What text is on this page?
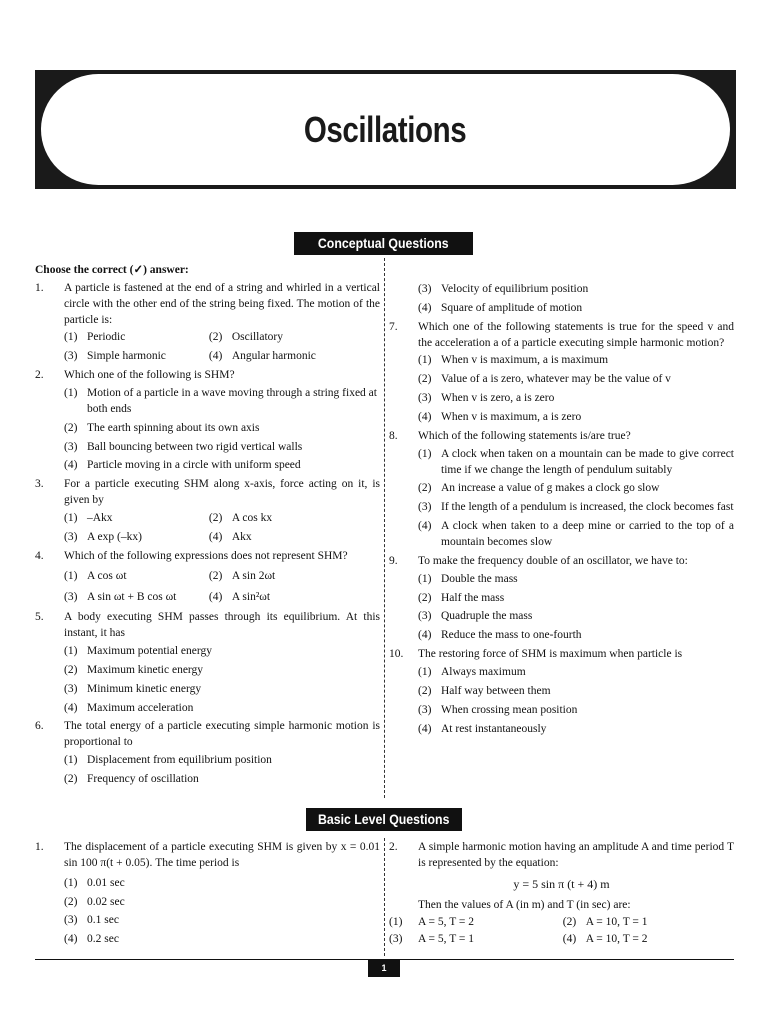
Oscillations
Conceptual Questions
Choose the correct (✓) answer:
1. A particle is fastened at the end of a string and whirled in a vertical circle with the other end of the string being fixed. The motion of the particle is:
(1) Periodic	(2) Oscillatory
(3) Simple harmonic	(4) Angular harmonic
2. Which one of the following is SHM?
(1) Motion of a particle in a wave moving through a string fixed at both ends
(2) The earth spinning about its own axis
(3) Ball bouncing between two rigid vertical walls
(4) Particle moving in a circle with uniform speed
3. For a particle executing SHM along x-axis, force acting on it, is given by
(1) –Akx	(2) A cos kx
(3) A exp (–kx)	(4) Akx
4. Which of the following expressions does not represent SHM?
(1) A cos ωt	(2) A sin 2ωt
(3) A sin ωt + B cos ωt	(4) A sin²ωt
5. A body executing SHM passes through its equilibrium. At this instant, it has
(1) Maximum potential energy
(2) Maximum kinetic energy
(3) Minimum kinetic energy
(4) Maximum acceleration
6. The total energy of a particle executing simple harmonic motion is proportional to
(1) Displacement from equilibrium position
(2) Frequency of oscillation
(3) Velocity of equilibrium position
(4) Square of amplitude of motion
7. Which one of the following statements is true for the speed v and the acceleration a of a particle executing simple harmonic motion?
(1) When v is maximum, a is maximum
(2) Value of a is zero, whatever may be the value of v
(3) When v is zero, a is zero
(4) When v is maximum, a is zero
8. Which of the following statements is/are true?
(1) A clock when taken on a mountain can be made to give correct time if we change the length of pendulum suitably
(2) An increase a value of g makes a clock go slow
(3) If the length of a pendulum is increased, the clock becomes fast
(4) A clock when taken to a deep mine or carried to the top of a mountain becomes slow
9. To make the frequency double of an oscillator, we have to:
(1) Double the mass
(2) Half the mass
(3) Quadruple the mass
(4) Reduce the mass to one-fourth
10. The restoring force of SHM is maximum when particle is
(1) Always maximum
(2) Half way between them
(3) When crossing mean position
(4) At rest instantaneously
Basic Level Questions
1. The displacement of a particle executing SHM is given by x = 0.01 sin 100 π(t + 0.05). The time period is
(1) 0.01 sec
(2) 0.02 sec
(3) 0.1 sec
(4) 0.2 sec
2. A simple harmonic motion having an amplitude A and time period T is represented by the equation:
y = 5 sin π (t + 4) m
Then the values of A (in m) and T (in sec) are:
(1) A = 5, T = 2	(2) A = 10, T = 1
(3) A = 5, T = 1	(4) A = 10, T = 2
1
